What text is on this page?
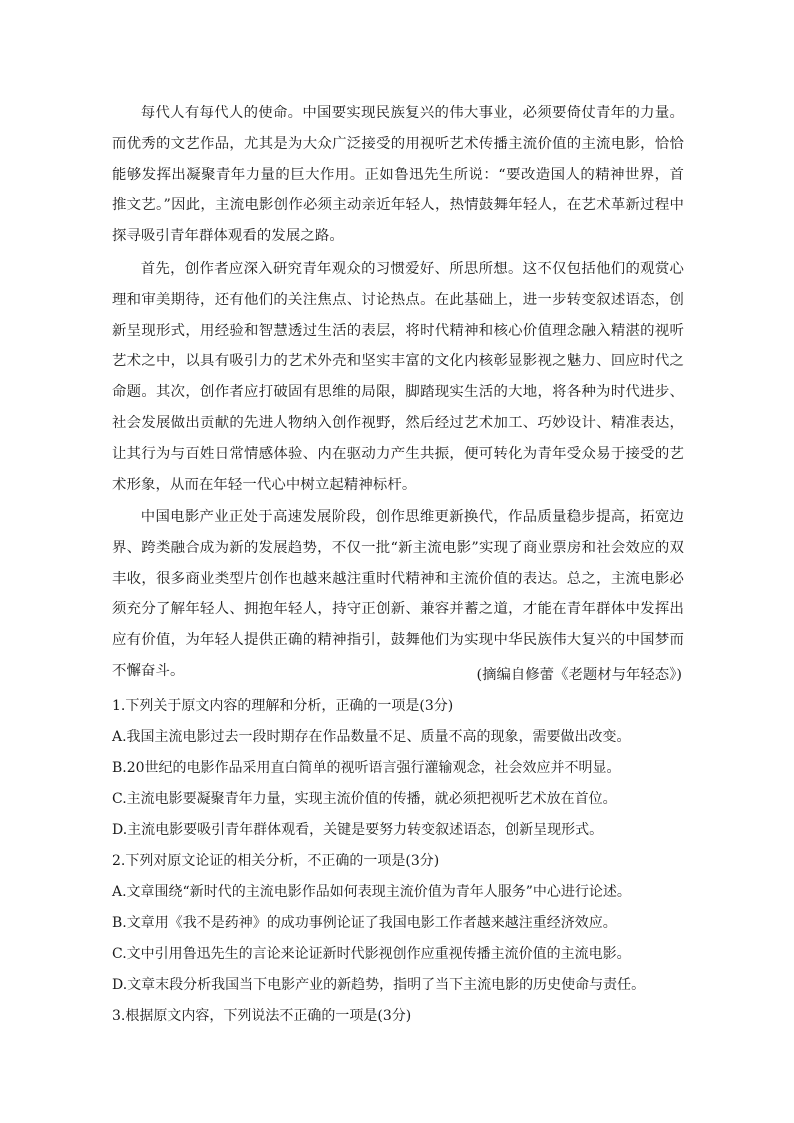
每代人有每代人的使命。中国要实现民族复兴的伟大事业，必须要倚仗青年的力量。而优秀的文艺作品，尤其是为大众广泛接受的用视听艺术传播主流价值的主流电影，恰恰能够发挥出凝聚青年力量的巨大作用。正如鲁迅先生所说：“要改造国人的精神世界，首推文艺。”因此，主流电影创作必须主动亲近年轻人，热情鼓舞年轻人，在艺术革新过程中探寻吸引青年群体观看的发展之路。

首先，创作者应深入研究青年观众的习惯爱好、所思所想。这不仅包括他们的观赏心理和审美期待，还有他们的关注焦点、讨论热点。在此基础上，进一步转变叙述语态，创新呈现形式，用经验和智慧透过生活的表层，将时代精神和核心价值理念融入精湛的视听艺术之中，以具有吸引力的艺术外壳和坚实丰富的文化内核彰显影视之魅力、回应时代之命题。其次，创作者应打破固有思维的局限，脚踏现实生活的大地，将各种为时代进步、社会发展做出贡献的先进人物纳入创作视野，然后经过艺术加工、巧妙设计、精准表达，让其行为与百姓日常情感体验、内在驱动力产生共振，便可转化为青年受众易于接受的艺术形象，从而在年轻一代心中树立起精神标杆。

中国电影产业正处于高速发展阶段，创作思维更新换代，作品质量稳步提高，拓宽边界、跨类融合成为新的发展趋势，不仅一批“新主流电影”实现了商业票房和社会效应的双丰收，很多商业类型片创作也越来越注重时代精神和主流价值的表达。总之，主流电影必须充分了解年轻人、拥抱年轻人，持守正创新、兼容并蓄之道，才能在青年群体中发挥出应有价值，为年轻人提供正确的精神指引，鼓舞他们为实现中华民族伟大复兴的中国梦而不懈奋斗。	(摘编自修蕾《老题材与年轻态》)

1.下列关于原文内容的理解和分析，正确的一项是(3分)

A.我国主流电影过去一段时期存在作品数量不足、质量不高的现象，需要做出改变。

B.20世纪的电影作品采用直白简单的视听语言强行灌输观念，社会效应并不明显。

C.主流电影要凝聚青年力量，实现主流价值的传播，就必须把视听艺术放在首位。

D.主流电影要吸引青年群体观看，关键是要努力转变叙述语态，创新呈现形式。

2.下列对原文论证的相关分析，不正确的一项是(3分)

A.文章围绕“新时代的主流电影作品如何表现主流价值为青年人服务”中心进行论述。

B.文章用《我不是药神》的成功事例论证了我国电影工作者越来越注重经济效应。

C.文中引用鲁迅先生的言论来论证新时代影视创作应重视传播主流价值的主流电影。

D.文章末段分析我国当下电影产业的新趋势，指明了当下主流电影的历史使命与责任。

3.根据原文内容，下列说法不正确的一项是(3分)
